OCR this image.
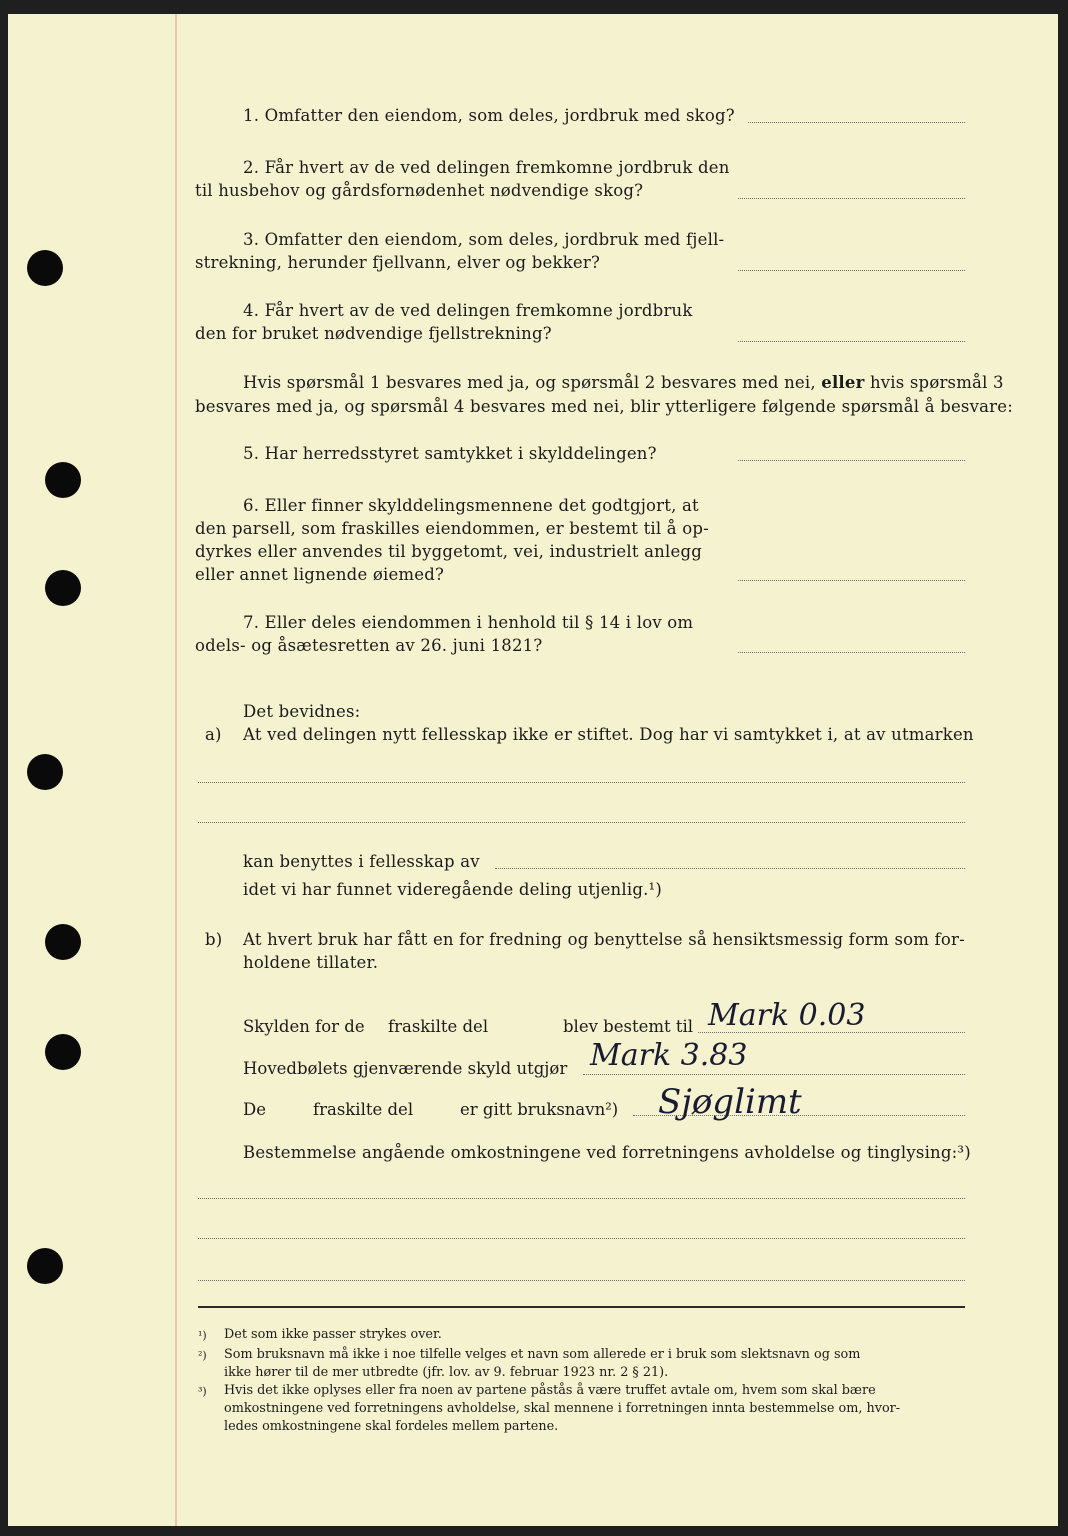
1. Omfatter den eiendom, som deles, jordbruk med skog?
2. Får hvert av de ved delingen fremkomne jordbruk den
til husbehov og gårdsfornødenhet nødvendige skog?
3. Omfatter den eiendom, som deles, jordbruk med fjell-
strekning, herunder fjellvann, elver og bekker?
4. Får hvert av de ved delingen fremkomne jordbruk
den for bruket nødvendige fjellstrekning?
Hvis spørsmål 1 besvares med ja, og spørsmål 2 besvares med nei, eller hvis spørsmål 3
besvares med ja, og spørsmål 4 besvares med nei, blir ytterligere følgende spørsmål å besvare:
5. Har herredsstyret samtykket i skylddelingen?
6. Eller finner skylddelingsmennene det godtgjort, at
den parsell, som fraskilles eiendommen, er bestemt til å op-
dyrkes eller anvendes til byggetomt, vei, industrielt anlegg
eller annet lignende øiemed?
7. Eller deles eiendommen i henhold til § 14 i lov om
odels- og åsætesretten av 26. juni 1821?
Det bevidnes:
a) At ved delingen nytt fellesskap ikke er stiftet. Dog har vi samtykket i, at av utmarken
kan benyttes i fellesskap av
idet vi har funnet videregående deling utjenlig.¹)
b) At hvert bruk har fått en for fredning og benyttelse så hensiktsmessig form som for-
holdene tillater.
Skylden for de fraskilte del	blev bestemt til Mark 0.03
Hovedbølets gjenværende skyld utgjør Mark 3.83
De	fraskilte del	er gitt bruksnavn²) Sjøglimt
Bestemmelse angående omkostningene ved forretningens avholdelse og tinglysing:³)
¹) Det som ikke passer strykes over.
²) Som bruksnavn må ikke i noe tilfelle velges et navn som allerede er i bruk som slektsnavn og som
ikke hører til de mer utbredte (jfr. lov. av 9. februar 1923 nr. 2 § 21).
³) Hvis det ikke oplyses eller fra noen av partene påstås å være truffet avtale om, hvem som skal bære
omkostningene ved forretningens avholdelse, skal mennene i forretningen innta bestemmelse om, hvor-
ledes omkostningene skal fordeles mellem partene.
